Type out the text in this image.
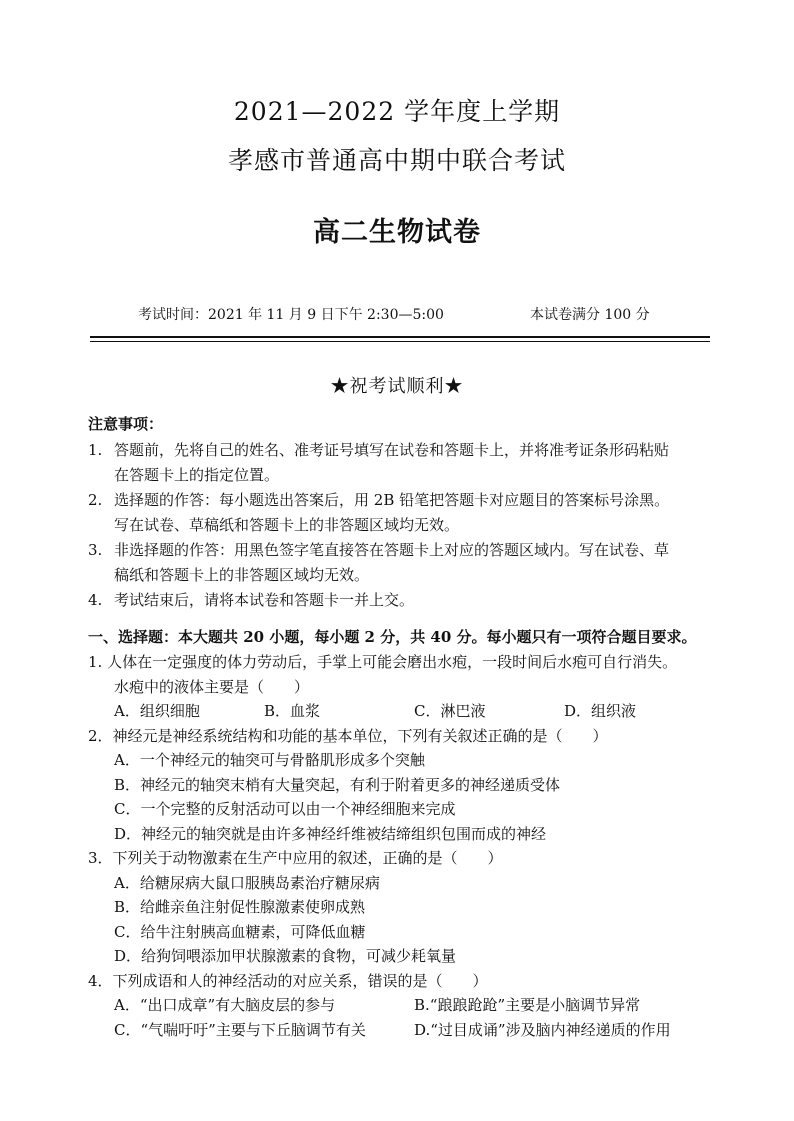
2021—2022 学年度上学期
孝感市普通高中期中联合考试
高二生物试卷
考试时间：2021 年 11 月 9 日下午 2:30—5:00	本试卷满分 100 分
★祝考试顺利★
注意事项：
1. 答题前，先将自己的姓名、准考证号填写在试卷和答题卡上，并将准考证条形码粘贴
在答题卡上的指定位置。
2. 选择题的作答：每小题选出答案后，用 2B 铅笔把答题卡对应题目的答案标号涂黑。
写在试卷、草稿纸和答题卡上的非答题区域均无效。
3. 非选择题的作答：用黑色签字笔直接答在答题卡上对应的答题区域内。写在试卷、草
稿纸和答题卡上的非答题区域均无效。
4. 考试结束后，请将本试卷和答题卡一并上交。
一、选择题：本大题共 20 小题，每小题 2 分，共 40 分。每小题只有一项符合题目要求。
1. 人体在一定强度的体力劳动后，手掌上可能会磨出水疱，一段时间后水疱可自行消失。
水疱中的液体主要是（　　）
A．组织细胞	B．血浆	C．淋巴液	D．组织液
2．神经元是神经系统结构和功能的基本单位，下列有关叙述正确的是（　　）
A．一个神经元的轴突可与骨骼肌形成多个突触
B．神经元的轴突末梢有大量突起，有利于附着更多的神经递质受体
C．一个完整的反射活动可以由一个神经细胞来完成
D．神经元的轴突就是由许多神经纤维被结缔组织包围而成的神经
3．下列关于动物激素在生产中应用的叙述，正确的是（　　）
A．给糖尿病大鼠口服胰岛素治疗糖尿病
B．给雌亲鱼注射促性腺激素使卵成熟
C．给牛注射胰高血糖素，可降低血糖
D．给狗饲喂添加甲状腺激素的食物，可减少耗氧量
4．下列成语和人的神经活动的对应关系，错误的是（　　）
A．“出口成章”有大脑皮层的参与	B.“踉踉跄跄”主要是小脑调节异常
C．“气喘吁吁”主要与下丘脑调节有关	D.“过目成诵”涉及脑内神经递质的作用
